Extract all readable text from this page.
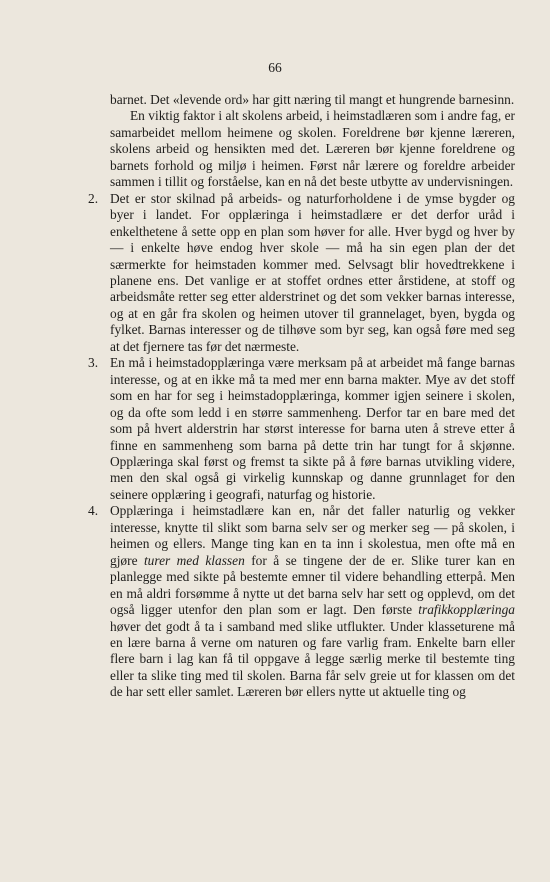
66

barnet. Det «levende ord» har gitt næring til mangt et hungrende barnesinn.

En viktig faktor i alt skolens arbeid, i heimstadlæren som i andre fag, er samarbeidet mellom heimene og skolen. Foreldrene bør kjenne læreren, skolens arbeid og hensikten med det. Læreren bør kjenne foreldrene og barnets forhold og miljø i heimen. Først når lærere og foreldre arbeider sammen i tillit og forståelse, kan en nå det beste utbytte av undervisningen.

2. Det er stor skilnad på arbeids- og naturforholdene i de ymse bygder og byer i landet. For opplæringa i heimstadlære er det derfor uråd i enkelthetene å sette opp en plan som høver for alle. Hver bygd og hver by — i enkelte høve endog hver skole — må ha sin egen plan der det særmerkte for heimstaden kommer med. Selvsagt blir hovedtrekkene i planene ens. Det vanlige er at stoffet ordnes etter årstidene, at stoff og arbeidsmåte retter seg etter alderstrinet og det som vekker barnas interesse, og at en går fra skolen og heimen utover til grannelaget, byen, bygda og fylket. Barnas interesser og de tilhøve som byr seg, kan også føre med seg at det fjernere tas før det nærmeste.
3. En må i heimstadopplæringa være merksam på at arbeidet må fange barnas interesse, og at en ikke må ta med mer enn barna makter. Mye av det stoff som en har for seg i heimstadopplæringa, kommer igjen seinere i skolen, og da ofte som ledd i en større sammenheng. Derfor tar en bare med det som på hvert alderstrin har størst interesse for barna uten å streve etter å finne en sammenheng som barna på dette trin har tungt for å skjønne. Opplæringa skal først og fremst ta sikte på å føre barnas utvikling videre, men den skal også gi virkelig kunnskap og danne grunnlaget for den seinere opplæring i geografi, naturfag og historie.
4. Opplæringa i heimstadlære kan en, når det faller naturlig og vekker interesse, knytte til slikt som barna selv ser og merker seg — på skolen, i heimen og ellers. Mange ting kan en ta inn i skolestua, men ofte må en gjøre turer med klassen for å se tingene der de er. Slike turer kan en planlegge med sikte på bestemte emner til videre behandling etterpå. Men en må aldri forsømme å nytte ut det barna selv har sett og opplevd, om det også ligger utenfor den plan som er lagt. Den første trafikkopplæringa høver det godt å ta i samband med slike utflukter. Under klasseturene må en lære barna å verne om naturen og fare varlig fram. Enkelte barn eller flere barn i lag kan få til oppgave å legge særlig merke til bestemte ting eller ta slike ting med til skolen. Barna får selv greie ut for klassen om det de har sett eller samlet. Læreren bør ellers nytte ut aktuelle ting og
